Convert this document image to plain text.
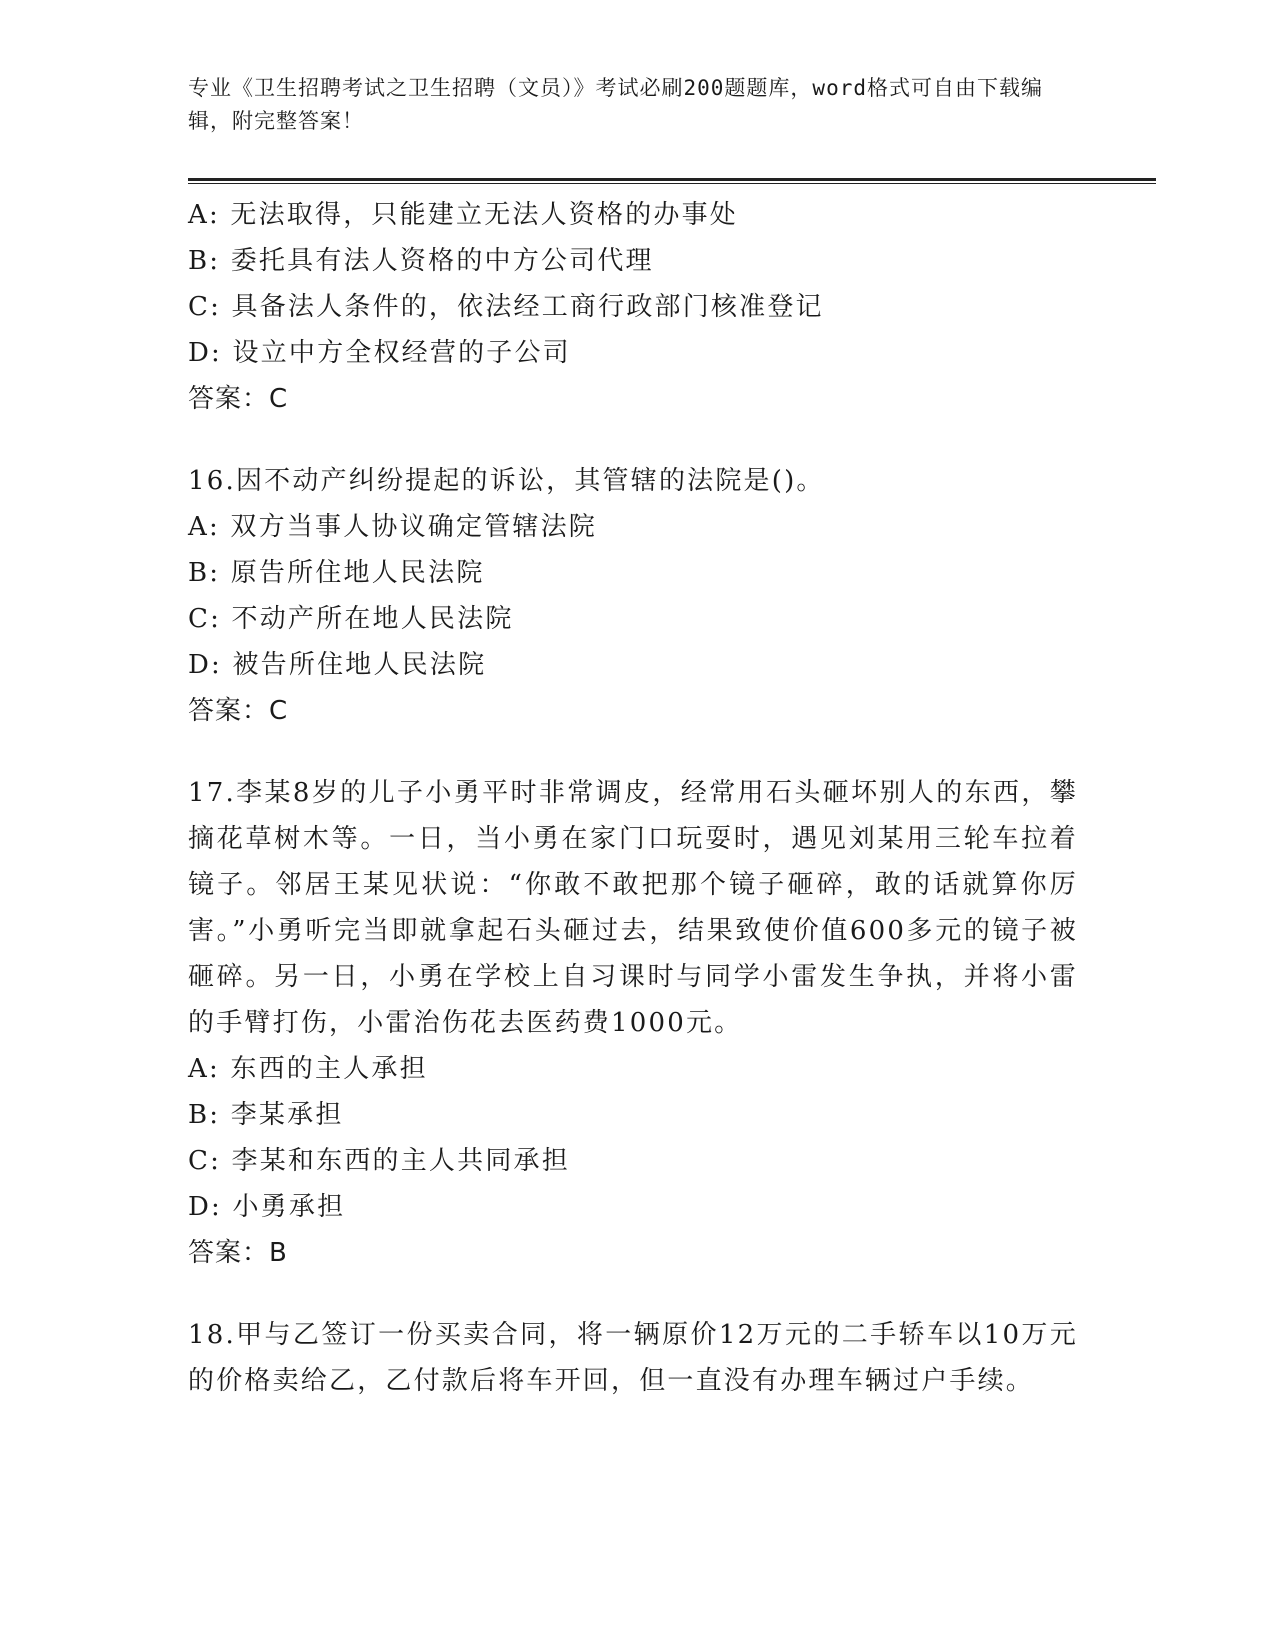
专业《卫生招聘考试之卫生招聘（文员）》考试必刷200题题库，word格式可自由下载编辑，附完整答案！
A: 无法取得，只能建立无法人资格的办事处
B: 委托具有法人资格的中方公司代理
C: 具备法人条件的，依法经工商行政部门核准登记
D: 设立中方全权经营的子公司
答案：C
16.因不动产纠纷提起的诉讼，其管辖的法院是()。
A: 双方当事人协议确定管辖法院
B: 原告所住地人民法院
C: 不动产所在地人民法院
D: 被告所住地人民法院
答案：C
17.李某8岁的儿子小勇平时非常调皮，经常用石头砸坏别人的东西，攀摘花草树木等。一日，当小勇在家门口玩耍时，遇见刘某用三轮车拉着镜子。邻居王某见状说：“你敢不敢把那个镜子砸碎，敢的话就算你厉害。”小勇听完当即就拿起石头砸过去，结果致使价值600多元的镜子被砸碎。另一日，小勇在学校上自习课时与同学小雷发生争执，并将小雷的手臂打伤，小雷治伤花去医药费1000元。
A: 东西的主人承担
B: 李某承担
C: 李某和东西的主人共同承担
D: 小勇承担
答案：B
18.甲与乙签订一份买卖合同，将一辆原价12万元的二手轿车以10万元的价格卖给乙，乙付款后将车开回，但一直没有办理车辆过户手续。
